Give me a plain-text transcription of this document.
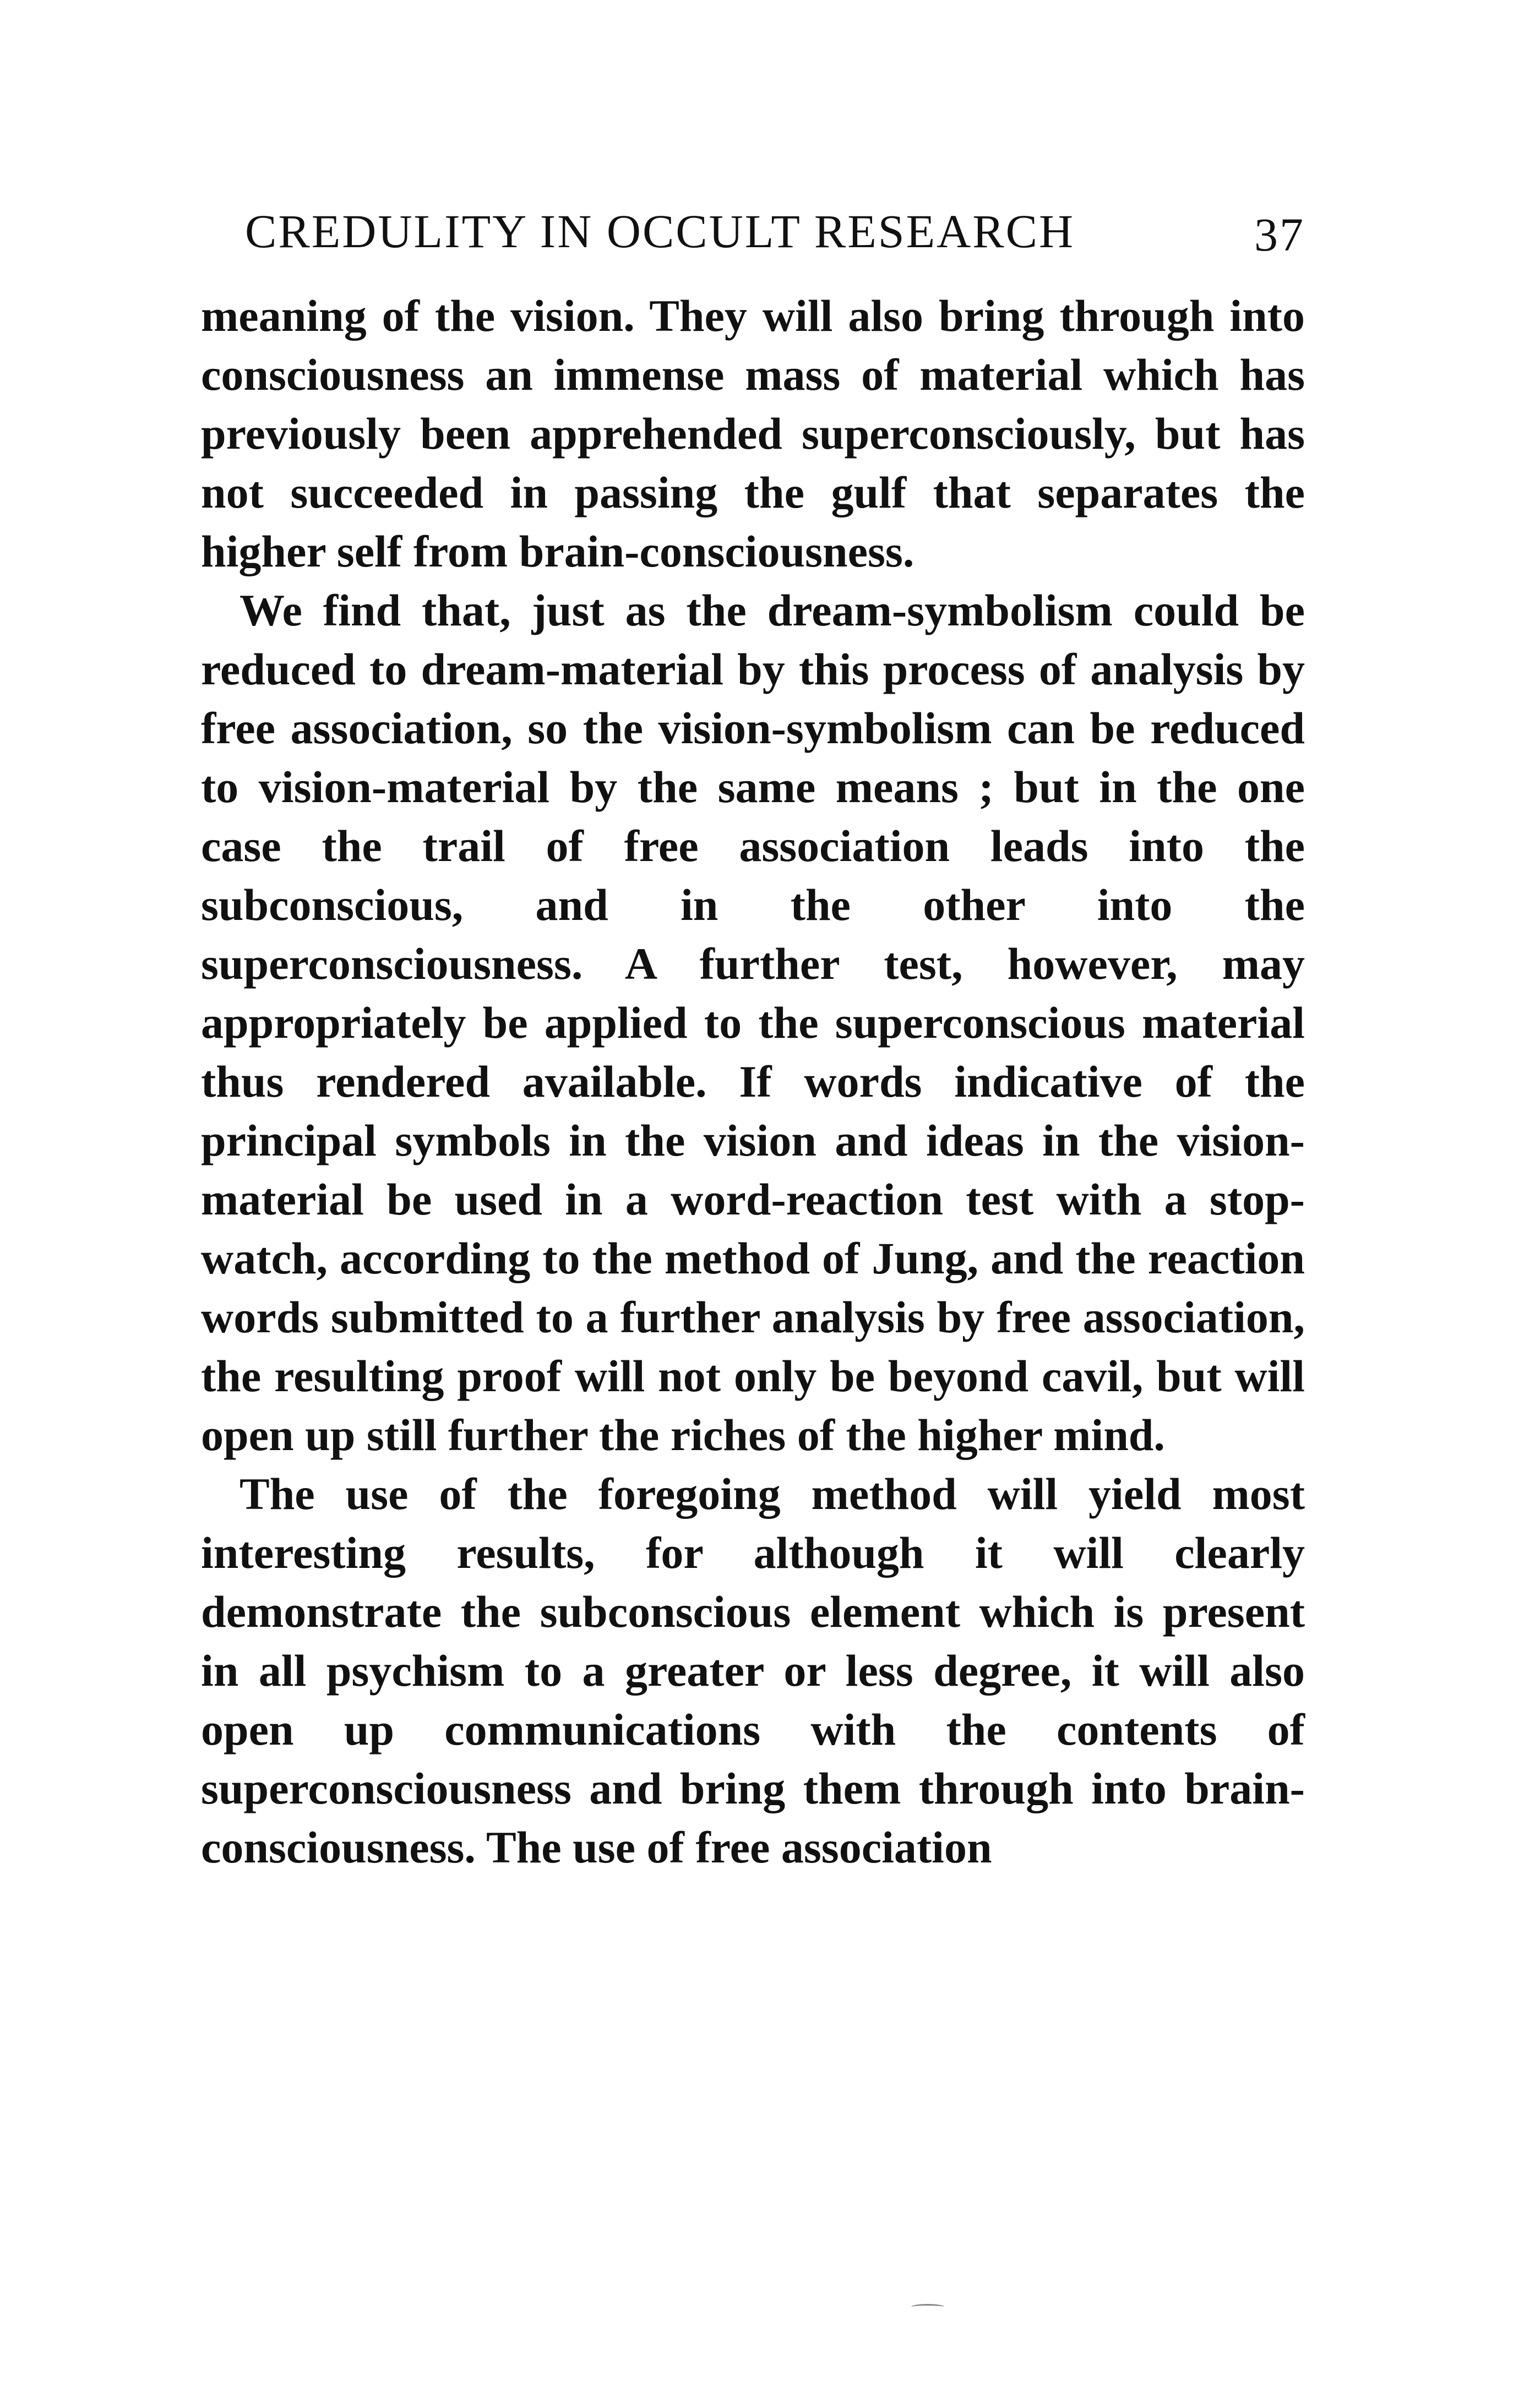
CREDULITY IN OCCULT RESEARCH	37

meaning of the vision. They will also bring through into consciousness an immense mass of material which has previously been apprehended superconsciously, but has not succeeded in passing the gulf that separates the higher self from brain-consciousness.

We find that, just as the dream-symbolism could be reduced to dream-material by this process of analysis by free association, so the vision-symbolism can be reduced to vision-material by the same means ; but in the one case the trail of free association leads into the subconscious, and in the other into the superconsciousness. A further test, however, may appropriately be applied to the superconscious material thus rendered available. If words indicative of the principal symbols in the vision and ideas in the vision-material be used in a word-reaction test with a stop-watch, according to the method of Jung, and the reaction words submitted to a further analysis by free association, the resulting proof will not only be beyond cavil, but will open up still further the riches of the higher mind.

The use of the foregoing method will yield most interesting results, for although it will clearly demonstrate the subconscious element which is present in all psychism to a greater or less degree, it will also open up communications with the contents of superconsciousness and bring them through into brain-consciousness. The use of free association
